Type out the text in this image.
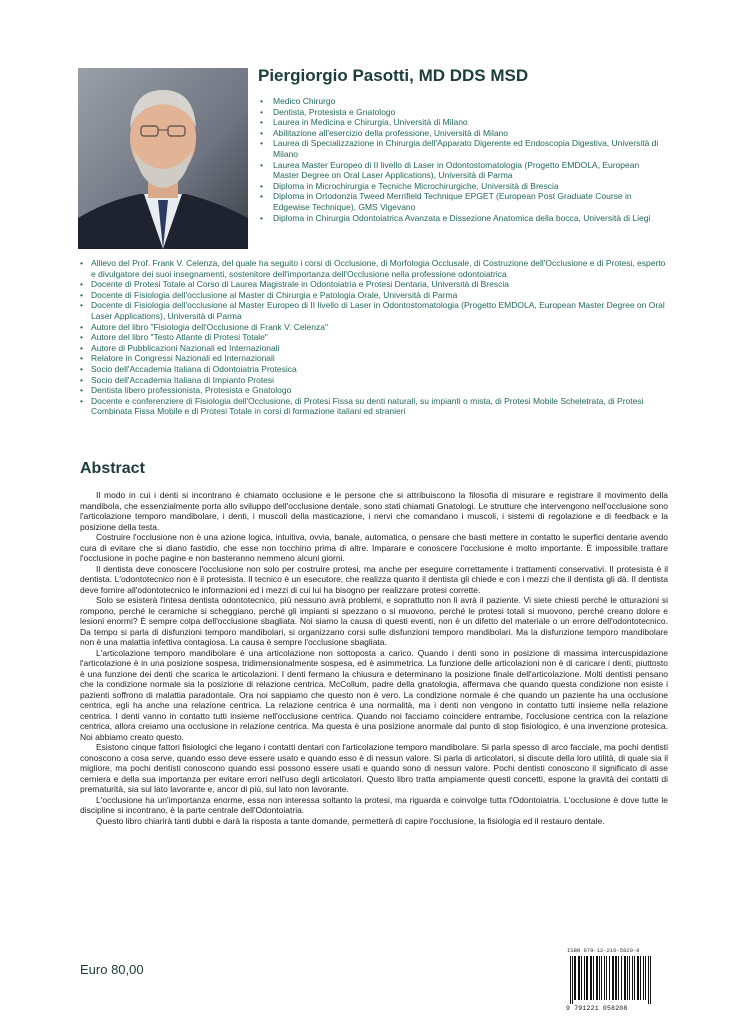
Piergiorgio Pasotti, MD DDS MSD
• Medico Chirurgo
• Dentista, Protesista e Gnatologo
• Laurea in Medicina e Chirurgia, Università di Milano
• Abilitazione all'esercizio della professione, Università di Milano
• Laurea di Specializzazione in Chirurgia dell'Apparato Digerente ed Endoscopia Digestiva, Università di Milano
• Laurea Master Europeo di II livello di Laser in Odontostomatologia (Progetto EMDOLA, European Master Degree on Oral Laser Applications), Università di Parma
• Diploma in Microchirurgia e Tecniche Microchirurgiche, Università di Brescia
• Diploma in Ortodonzia Tweed Merrifield Technique EPGET (European Post Graduate Course in Edgewise Technique), GMS Vigevano
• Diploma in Chirurgia Odontoiatrica Avanzata e Dissezione Anatomica della bocca, Università di Liegi
• Allievo del Prof. Frank V. Celenza, del quale ha seguito i corsi di Occlusione, di Morfologia Occlusale, di Costruzione dell'Occlusione e di Protesi, esperto e divulgatore dei suoi insegnamenti, sostenitore dell'importanza dell'Occlusione nella professione odontoiatrica
• Docente di Protesi Totale al Corso di Laurea Magistrale in Odontoiatria e Protesi Dentaria, Università di Brescia
• Docente di Fisiologia dell'occlusione al Master di Chirurgia e Patologia Orale, Università di Parma
• Docente di Fisiologia dell'occlusione al Master Europeo di II livello di Laser in Odontostomatologia (Progetto EMDOLA, European Master Degree on Oral Laser Applications), Università di Parma
• Autore del libro "Fisiologia dell'Occlusione di Frank V. Celenza"
• Autore del libro "Testo Atlante di Protesi Totale"
• Autore di Pubblicazioni Nazionali ed Internazionali
• Relatore in Congressi Nazionali ed Internazionali
• Socio dell'Accademia Italiana di Odontoiatria Protesica
• Socio dell'Accademia Italiana di Impianto Protesi
• Dentista libero professionista, Protesista e Gnatologo
• Docente e conferenziere di Fisiologia dell'Occlusione, di Protesi Fissa su denti naturali, su impianti o mista, di Protesi Mobile Scheletrata, di Protesi Combinata Fissa Mobile e di Protesi Totale in corsi di formazione italiani ed stranieri
Abstract

Il modo in cui i denti si incontrano è chiamato occlusione e le persone che si attribuiscono la filosofia di misurare e registrare il movimento della mandibola, che essenzialmente porta allo sviluppo dell'occlusione dentale, sono stati chiamati Gnatologi. Le strutture che intervengono nell'occlusione sono l'articolazione temporo mandibolare, i denti, i muscoli della masticazione, i nervi che comandano i muscoli, i sistemi di regolazione e di feedback e la posizione della testa.

Costruire l'occlusione non è una azione logica, intuitiva, ovvia, banale, automatica, o pensare che basti mettere in contatto le superfici dentarie avendo cura di evitare che si diano fastidio, che esse non tocchino prima di altre. Imparare e conoscere l'occlusione è molto importante. È impossibile trattare l'occlusione in poche pagine e non basteranno nemmeno alcuni giorni.

Il dentista deve conoscere l'occlusione non solo per costruire protesi, ma anche per eseguire correttamente i trattamenti conservativi. Il protesista è il dentista. L'odontotecnico non è il protesista. Il tecnico è un esecutore, che realizza quanto il dentista gli chiede e con i mezzi che il dentista gli dà. Il dentista deve fornire all'odontotecnico le informazioni ed i mezzi di cui lui ha bisogno per realizzare protesi corrette.

Solo se esisterà l'intesa dentista odontotecnico, più nessuno avrà problemi, e soprattutto non li avrà il paziente. Vi siete chiesti perché le otturazioni si rompono, perché le ceramiche si scheggiano, perché gli impianti si spezzano o si muovono, perché le protesi totali si muovono, perché creano dolore e lesioni enormi? È sempre colpa dell'occlusione sbagliata. Noi siamo la causa di questi eventi, non è un difetto del materiale o un errore dell'odontotecnico. Da tempo si parla di disfunzioni temporo mandibolari, si organizzano corsi sulle disfunzioni temporo mandibolari. Ma la disfunzione temporo mandibolare non è una malattia infettiva contagiosa. La causa è sempre l'occlusione sbagliata.

L'articolazione temporo mandibolare è una articolazione non sottoposta a carico. Quando i denti sono in posizione di massima intercuspidazione l'articolazione è in una posizione sospesa, tridimensionalmente sospesa, ed è asimmetrica. La funzione delle articolazioni non è di caricare i denti, piuttosto è una funzione dei denti che scarica le articolazioni. I denti fermano la chiusura e determinano la posizione finale dell'articolazione. Molti dentisti pensano che la condizione normale sia la posizione di relazione centrica. McCollum, padre della gnatologia, affermava che quando questa condizione non esiste i pazienti soffrono di malattia paradontale. Ora noi sappiamo che questo non è vero. La condizione normale è che quando un paziente ha una occlusione centrica, egli ha anche una relazione centrica. La relazione centrica è una normalità, ma i denti non vengono in contatto tutti insieme nella relazione centrica. I denti vanno in contatto tutti insieme nell'occlusione centrica. Quando noi facciamo coincidere entrambe, l'occlusione centrica con la relazione centrica, allora creiamo una occlusione in relazione centrica. Ma questa è una posizione anormale dal punto di stop fisiologico, è una invenzione protesica. Noi abbiamo creato questo.

Esistono cinque fattori fisiologici che legano i contatti dentari con l'articolazione temporo mandibolare. Si parla spesso di arco facciale, ma pochi dentisti conoscono a cosa serve, quando esso deve essere usato e quando esso è di nessun valore. Si parla di articolatori, si discute della loro utilità, di quale sia il migliore, ma pochi dentisti conoscono quando essi possono essere usati e quando sono di nessun valore. Pochi dentisti conoscono il significato di asse cerniera e della sua importanza per evitare errori nell'uso degli articolatori. Questo libro tratta ampiamente questi concetti, espone la gravità dei contatti di prematurità, sia sul lato lavorante e, ancor di più, sul lato non lavorante.

L'occlusione ha un'importanza enorme, essa non interessa soltanto la protesi, ma riguarda e coinvolge tutta l'Odontoiatria. L'occlusione è dove tutte le discipline si incontrano, è la parte centrale dell'Odontoiatria.

Questo libro chiarirà tanti dubbi e darà la risposta a tante domande, permetterà di capire l'occlusione, la fisiologia ed il restauro dentale.

Euro 80,00
ISBN 979-12-210-5820-8
9 791221 058208
